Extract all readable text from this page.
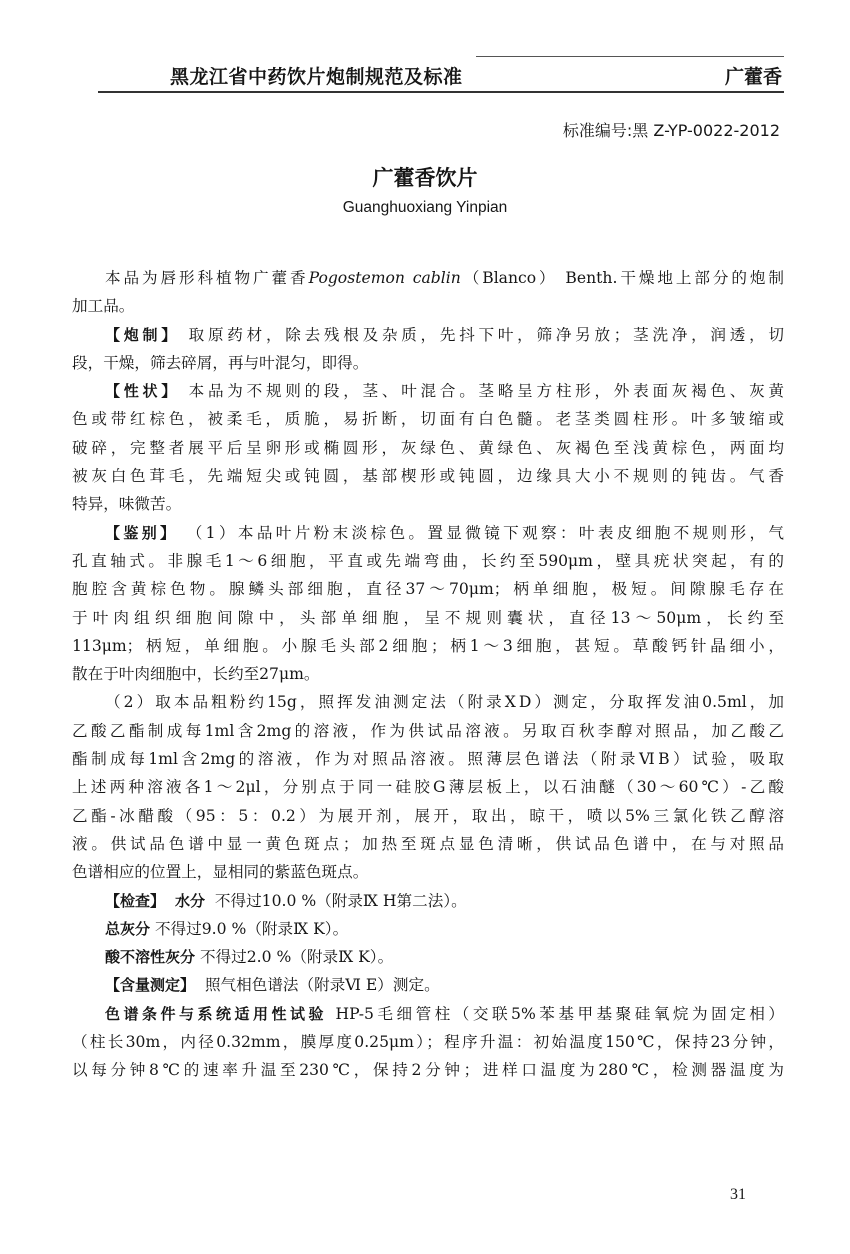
黑龙江省中药饮片炮制规范及标准	广藿香
标准编号:黑 Z-YP-0022-2012
广藿香饮片
Guanghuoxiang Yinpian
本品为唇形科植物广藿香Pogostemon cablin（Blanco） Benth.干燥地上部分的炮制
加工品。
【炮制】 取原药材，除去残根及杂质，先抖下叶，筛净另放；茎洗净，润透，切
段，干燥，筛去碎屑，再与叶混匀，即得。
【性状】 本品为不规则的段，茎、叶混合。茎略呈方柱形，外表面灰褐色、灰黄
色或带红棕色，被柔毛，质脆，易折断，切面有白色髓。老茎类圆柱形。叶多皱缩或
破碎，完整者展平后呈卵形或椭圆形，灰绿色、黄绿色、灰褐色至浅黄棕色，两面均
被灰白色茸毛，先端短尖或钝圆，基部楔形或钝圆，边缘具大小不规则的钝齿。气香
特异，味微苦。
【鉴别】 （1）本品叶片粉末淡棕色。置显微镜下观察：叶表皮细胞不规则形，气
孔直轴式。非腺毛1～6细胞，平直或先端弯曲，长约至590μm，壁具疣状突起，有的
胞腔含黄棕色物。腺鳞头部细胞，直径37～70μm；柄单细胞，极短。间隙腺毛存在
于叶肉组织细胞间隙中，头部单细胞，呈不规则囊状，直径13～50μm，长约至
113μm；柄短，单细胞。小腺毛头部2细胞；柄1～3细胞，甚短。草酸钙针晶细小，
散在于叶肉细胞中，长约至27μm。
（2）取本品粗粉约15g，照挥发油测定法（附录ⅩD）测定，分取挥发油0.5ml，加
乙酸乙酯制成每1ml含2mg的溶液，作为供试品溶液。另取百秋李醇对照品，加乙酸乙
酯制成每1ml含2mg的溶液，作为对照品溶液。照薄层色谱法（附录ⅥB）试验，吸取
上述两种溶液各1～2μl，分别点于同一硅胶G薄层板上，以石油醚（30～60℃）-乙酸
乙酯-冰醋酸（95：5：0.2）为展开剂，展开，取出，晾干，喷以5%三氯化铁乙醇溶
液。供试品色谱中显一黄色斑点；加热至斑点显色清晰，供试品色谱中，在与对照品
色谱相应的位置上，显相同的紫蓝色斑点。
【检查】 水分 不得过10.0 %（附录Ⅸ H第二法）。
总灰分 不得过9.0 %（附录Ⅸ K）。
酸不溶性灰分 不得过2.0 %（附录Ⅸ K）。
【含量测定】 照气相色谱法（附录Ⅵ E）测定。
色谱条件与系统适用性试验 HP-5毛细管柱（交联5%苯基甲基聚硅氧烷为固定相）
（柱长30m，内径0.32mm，膜厚度0.25μm）；程序升温：初始温度150℃，保持23分钟，
以每分钟8℃的速率升温至230℃，保持2分钟；进样口温度为280℃，检测器温度为
31
